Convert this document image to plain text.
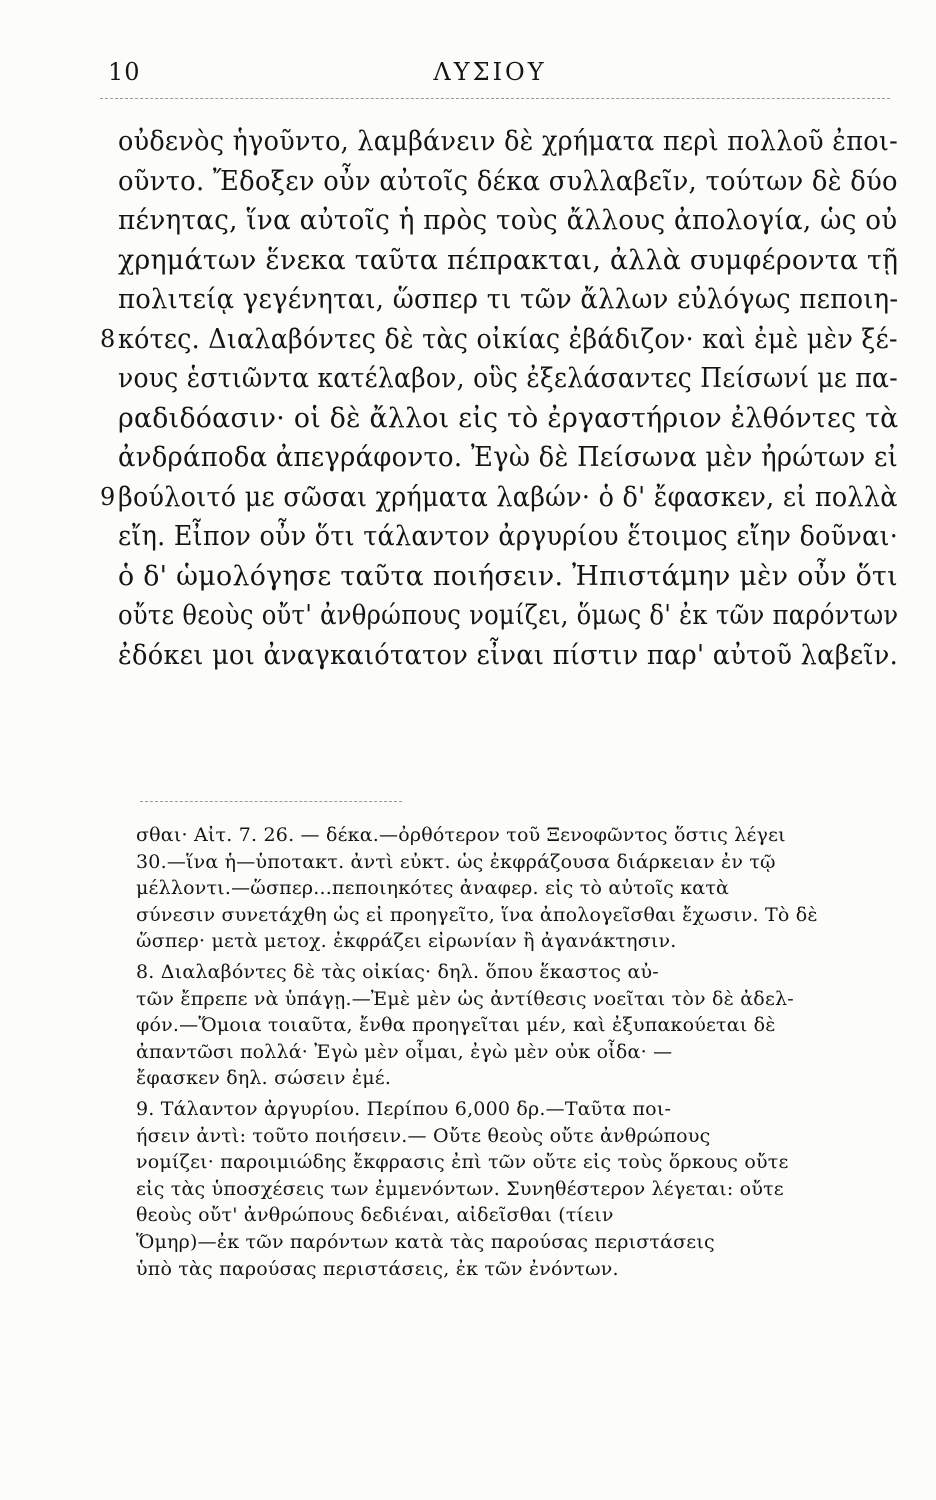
10	ΛΥΣΙΟΥ
οὐδενὸς ἡγοῦντο, λαμβάνειν δὲ χρήματα περὶ πολλοῦ ἐποι-
οῦντο. Ἔδοξεν οὖν αὐτοῖς δέκα συλλαβεῖν, τούτων δὲ δύο
πένητας, ἵνα αὐτοῖς ἡ πρὸς τοὺς ἄλλους ἀπολογία, ὡς οὐ
χρημάτων ἕνεκα ταῦτα πέπρακται, ἀλλὰ συμφέροντα τῇ
πολιτείᾳ γεγένηται, ὥσπερ τι τῶν ἄλλων εὐλόγως πεποιη-
8 κότες. Διαλαβόντες δὲ τὰς οἰκίας ἐβάδιζον· καὶ ἐμὲ μὲν ξέ-
νους ἑστιῶντα κατέλαβον, οὓς ἐξελάσαντες Πείσωνί με πα-
ραδιδόασιν· οἱ δὲ ἄλλοι εἰς τὸ ἐργαστήριον ἐλθόντες τὰ
ἀνδράποδα ἀπεγράφοντο. Ἐγὼ δὲ Πείσωνα μὲν ἠρώτων εἰ
9 βούλοιτό με σῶσαι χρήματα λαβών· ὁ δ' ἔφασκεν, εἰ πολλὰ
εἴη. Εἶπον οὖν ὅτι τάλαντον ἀργυρίου ἕτοιμος εἴην δοῦναι·
ὁ δ' ὡμολόγησε ταῦτα ποιήσειν. Ἠπιστάμην μὲν οὖν ὅτι
οὔτε θεοὺς οὔτ' ἀνθρώπους νομίζει, ὅμως δ' ἐκ τῶν παρόντων
ἐδόκει μοι ἀναγκαιότατον εἶναι πίστιν παρ' αὐτοῦ λαβεῖν.
σθαι· Αἰτ. 7. 26. — δέκα.—ὀρθότερον τοῦ Ξενοφῶντος ὅστις λέγει30.—ἵνα ἡ—ὑποτακτ. ἀντὶ εὐκτ. ὡς ἐκφράζουσα διάρκειαν ἐν τῷμέλλοντι.—ὥσπερ...πεποιηκότες ἀναφερ. εἰς τὸ αὐτοῖς κατὰσύνεσιν συνετάχθη ὡς εἰ προηγεῖτο, ἵνα ἀπολογεῖσθαι ἔχωσιν. Τὸ δὲὥσπερ· μετὰ μετοχ. ἐκφράζει εἰρωνίαν ἢ ἀγανάκτησιν.8. Διαλαβόντες δὲ τὰς οἰκίας· δηλ. ὅπου ἕκαστος αὐ-τῶν ἔπρεπε νὰ ὑπάγῃ.—Ἐμὲ μὲν ὡς ἀντίθεσις νοεῖται τὸν δὲ ἀδελ-φόν.—Ὅμοια τοιαῦτα, ἔνθα προηγεῖται μέν, καὶ ἐξυπακούεται δὲἀπαντῶσι πολλά· Ἐγὼ μὲν οἶμαι, ἐγὼ μὲν οὐκ οἶδα· —ἔφασκεν δηλ. σώσειν ἐμέ.9. Τάλαντον ἀργυρίου. Περίπου 6,000 δρ.—Ταῦτα ποι-ήσειν ἀντὶ: τοῦτο ποιήσειν.— Οὔτε θεοὺς οὔτε ἀνθρώπουςνομίζει· παροιμιώδης ἔκφρασις ἐπὶ τῶν οὔτε εἰς τοὺς ὅρκους οὔτεεἰς τὰς ὑποσχέσεις των ἐμμενόντων. Συνηθέστερον λέγεται: οὔτεθεοὺς οὔτ' ἀνθρώπους δεδιέναι, αἰδεῖσθαι (τίεινὍμηρ)—ἐκ τῶν παρόντων κατὰ τὰς παρούσας περιστάσειςὑπὸ τὰς παρούσας περιστάσεις, ἐκ τῶν ἐνόντων.
